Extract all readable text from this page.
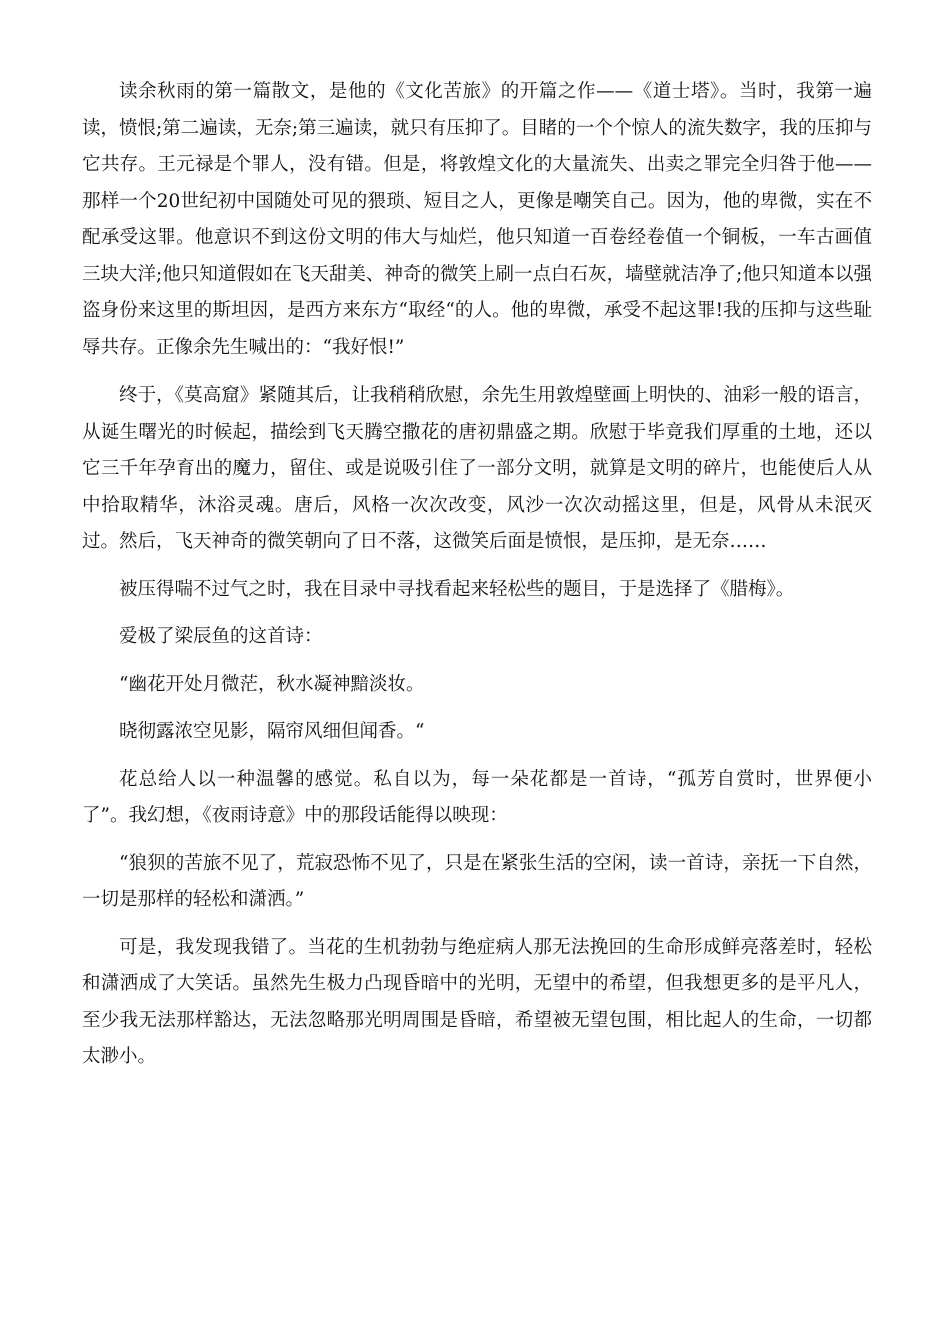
读余秋雨的第一篇散文，是他的《文化苦旅》的开篇之作——《道士塔》。当时，我第一遍读，愤恨;第二遍读，无奈;第三遍读，就只有压抑了。目睹的一个个惊人的流失数字，我的压抑与它共存。王元禄是个罪人，没有错。但是，将敦煌文化的大量流失、出卖之罪完全归咎于他——那样一个20世纪初中国随处可见的猥琐、短目之人，更像是嘲笑自己。因为，他的卑微，实在不配承受这罪。他意识不到这份文明的伟大与灿烂，他只知道一百卷经卷值一个铜板，一车古画值三块大洋;他只知道假如在飞天甜美、神奇的微笑上刷一点白石灰，墙壁就洁净了;他只知道本以强盗身份来这里的斯坦因，是西方来东方“取经“的人。他的卑微，承受不起这罪!我的压抑与这些耻辱共存。正像余先生喊出的：“我好恨!”

终于，《莫高窟》紧随其后，让我稍稍欣慰，余先生用敦煌壁画上明快的、油彩一般的语言，从诞生曙光的时候起，描绘到飞天腾空撒花的唐初鼎盛之期。欣慰于毕竟我们厚重的土地，还以它三千年孕育出的魔力，留住、或是说吸引住了一部分文明，就算是文明的碎片，也能使后人从中拾取精华，沐浴灵魂。唐后，风格一次次改变，风沙一次次动摇这里，但是，风骨从未泯灭过。然后，飞天神奇的微笑朝向了日不落，这微笑后面是愤恨，是压抑，是无奈……

被压得喘不过气之时，我在目录中寻找看起来轻松些的题目，于是选择了《腊梅》。

爱极了梁辰鱼的这首诗：

“幽花开处月微茫，秋水凝神黯淡妆。

晓彻露浓空见影，隔帘风细但闻香。“

花总给人以一种温馨的感觉。私自以为，每一朵花都是一首诗，“孤芳自赏时，世界便小了”。我幻想，《夜雨诗意》中的那段话能得以映现：

“狼狈的苦旅不见了，荒寂恐怖不见了，只是在紧张生活的空闲，读一首诗，亲抚一下自然，一切是那样的轻松和潇洒。”

可是，我发现我错了。当花的生机勃勃与绝症病人那无法挽回的生命形成鲜亮落差时，轻松和潇洒成了大笑话。虽然先生极力凸现昏暗中的光明，无望中的希望，但我想更多的是平凡人，至少我无法那样豁达，无法忽略那光明周围是昏暗，希望被无望包围，相比起人的生命，一切都太渺小。
